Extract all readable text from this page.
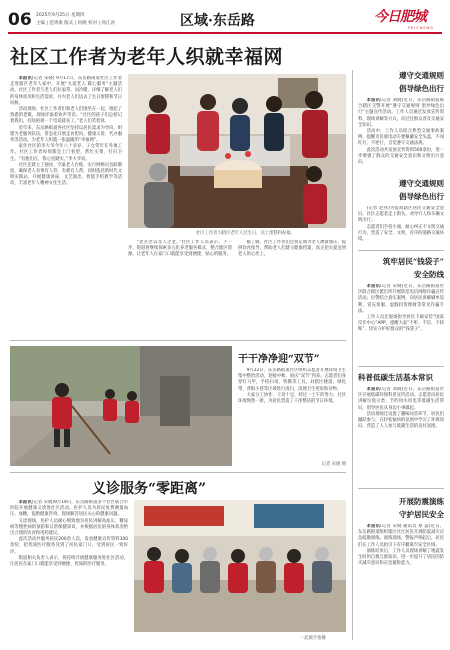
06 2025年9月25日 星期四
主编 | 范禹康 版式 | 何晓 校对 | 孙江涛	区域·东岳路	今日肥城
FEICHENG
社区工作者为老年人织就幸福网
社区工作者为辖区老年人过生日，送上蛋糕和祝福。

本报讯(记者 宋晓) 9月17日，东岳路街道社区工作者走进辖区老年人家中，开展“关爱老人 暖心服务”主题活动。社区工作者与老人们拉家常、问冷暖，详细了解老人们的身体状况和生活需求，并为老人们送去了生日蛋糕和节日问候。

活动现场，社区工作者们和老人们围坐在一起，唱起了熟悉的老歌，现场洋溢着欢声笑语。“社区的孩子们总惦记着我们，有啥困难一个电话就来了。”老人们笑着说。

近年来，东岳路街道各社区坚持以居民需求为导向，组建为老服务队伍，常态化开展走访慰问、健康义诊、代办服务等活动，为老年人织就一张温暖的“幸福网”。

家住社区的李大爷今年八十多岁，子女常年在外地工作。社区工作者每周都会上门看望，帮忙买菜、打扫卫生。“有他们在，我心里踏实。”李大爷说。

社区还建立了独居、空巢老人台账，实行网格员包联制度，确保老人有事有人管、有难有人帮。同时依托新时代文明实践站，开展健康讲座、文艺演出、智能手机教学等活动，丰富老年人精神文化生活。

“老吾老以及人之老。”社区工作人员表示，下一步，街道将继续探索多元化养老服务模式，整合辖区资源，让老年人在家门口就能享受到便捷、贴心的服务。

据了解，社区工作者们还将定期为老人测量血压、提供饮食指导，帮助老人们建立健康档案，真正把关爱送到老人的心坎上。

遵守交通规则
倡导绿色出行

本报讯(记者 刘晓)近日，东岳路街道联合辖区交警开展“遵守交通规则 倡导绿色出行”主题宣传活动。工作人员通过发放宣传资料、现场讲解等方式，向过往群众普及交通安全知识。

活动中，工作人员结合典型交通事故案例，提醒市民骑电动车要佩戴安全头盔，不闯红灯、不逆行，自觉遵守交通法规。

此次活动共发放宣传资料500余份，进一步增强了群众的交通安全意识和文明出行意识。

遵守交通规则
倡导绿色出行

(记者 赵亮)为提高辖区居民交通安全意识，社区志愿者走上街头，劝导行人和车辆文明出行。

志愿者们手持小旗，耐心纠正不文明交通行为，营造了安全、文明、有序的道路交通环境。

筑牢居民“钱袋子”
安全防线

本报讯(记者 宋晓)近日，东岳路街道社区联合辖区派出所开展防范电信网络诈骗宣传活动。民警结合真实案例，向居民讲解刷单返利、冒充客服、虚假投资理财等常见诈骗手法。

工作人员还现场指导居民下载安装“国家反诈中心”APP，提醒大家“不听、不信、不转账”，切实守护好群众的“钱袋子”。

科普低碳生活基本常识

本报讯(记者 刘晓)近日，东岳路街道社区开展低碳环保科普宣传活动。志愿者向居民讲解垃圾分类、节约用水用电等低碳生活常识，倡导居民从身边小事做起。

活动现场还设置了趣味问答环节，居民们踊跃参与，在轻松愉快的氛围中学习了环保知识，营造了人人参与低碳生活的良好氛围。

开展防震演练
守护居民安全

本报讯(记者 宋晓 通讯员 蔡 蕊)近日，东岳路街道组织辖区社区居民开展防震减灾应急疏散演练。演练现场，警报声响起后，居民们在工作人员指引下有序撤离至安全区域。

演练结束后，工作人员现场讲解了地震发生时的自救互救知识，进一步提升了居民的防灾减灾意识和应急避险能力。

干干净净迎“双节”

9月22日，东岳路街道社区组织志愿者开展环境卫生集中整治活动，迎接中秋、国庆“双节”到来。志愿者们身穿红马甲，手持扫帚、铁锹等工具，对辖区楼道、绿化带、背街小巷等区域进行清扫，清理卫生死角和杂物。

大家分工协作、干劲十足，经过一上午的努力，社区环境焕然一新，为居民营造了干净整洁的节日环境。

记者 宋晓 摄
义诊服务“零距离”

本报讯(记者 宋晓)9月19日，东岳路街道多个社区联合市医院开展健康义诊进社区活动。医护人员为居民免费测量血压、血糖，提供健康咨询，现场解答居民关心的健康问题。

义诊现场，医护人员耐心细致地为居民讲解高血压、糖尿病等慢性病的预防和日常保健知识，并根据居民的身体状况给出合理的饮食和用药建议。

此次活动共服务居民200余人次，发放健康宣传资料300余份，把优质医疗服务送到了居民家门口，受到居民一致好评。

街道相关负责人表示，将持续开展健康服务进社区活动，让居民在家门口就能享受到便捷、优质的医疗服务。

一起做手指操
